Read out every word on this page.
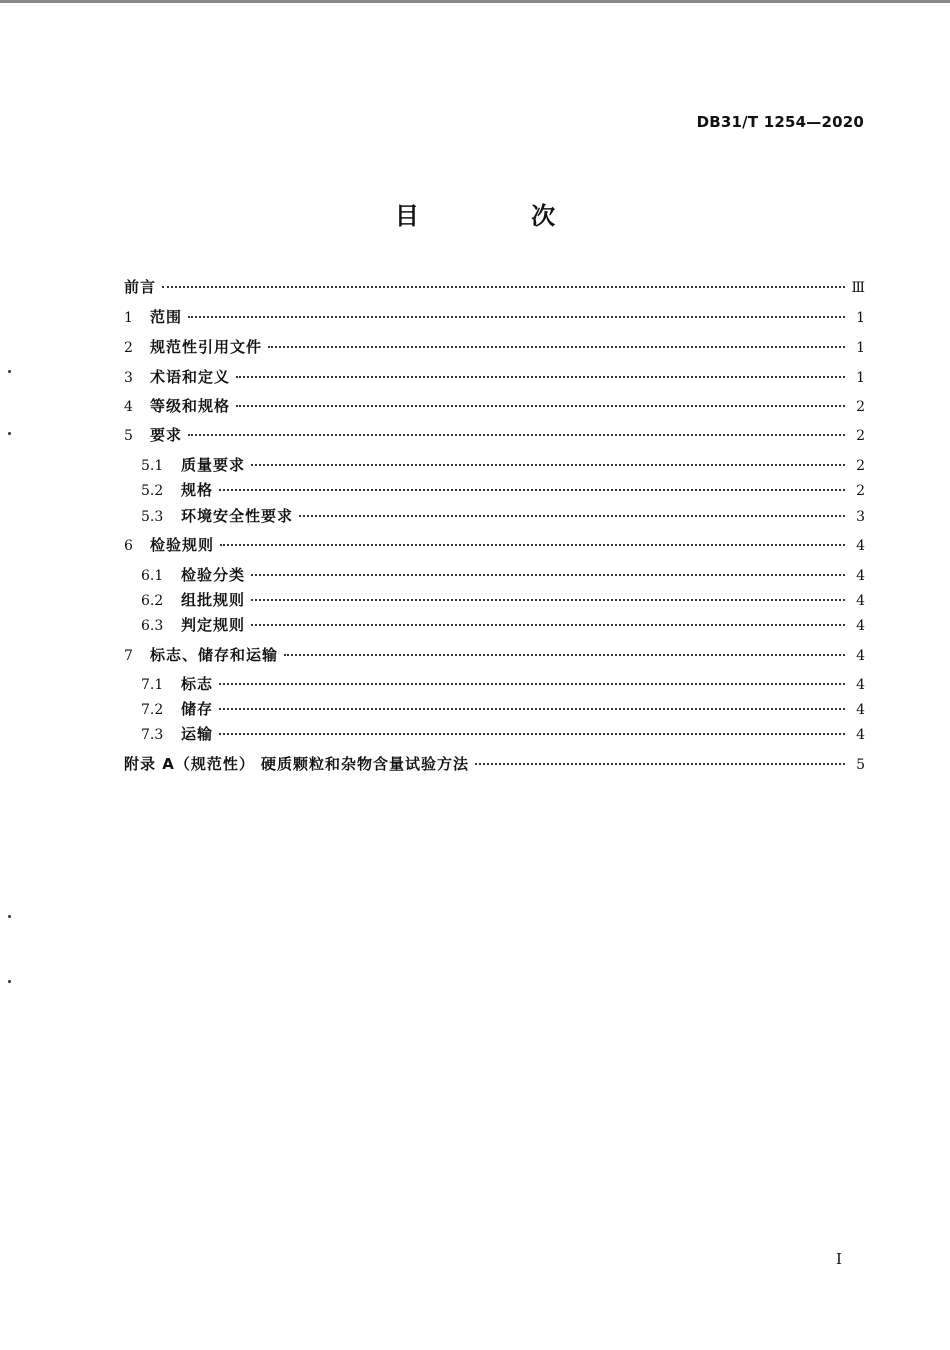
DB31/T 1254—2020
目 次
前言	Ⅲ
1	范围	1
2	规范性引用文件	1
3	术语和定义	1
4	等级和规格	2
5	要求	2
5.1	质量要求	2
5.2	规格	2
5.3	环境安全性要求	3
6	检验规则	4
6.1	检验分类	4
6.2	组批规则	4
6.3	判定规则	4
7	标志、储存和运输	4
7.1	标志	4
7.2	储存	4
7.3	运输	4
附录 A（规范性） 硬质颗粒和杂物含量试验方法	5
I
